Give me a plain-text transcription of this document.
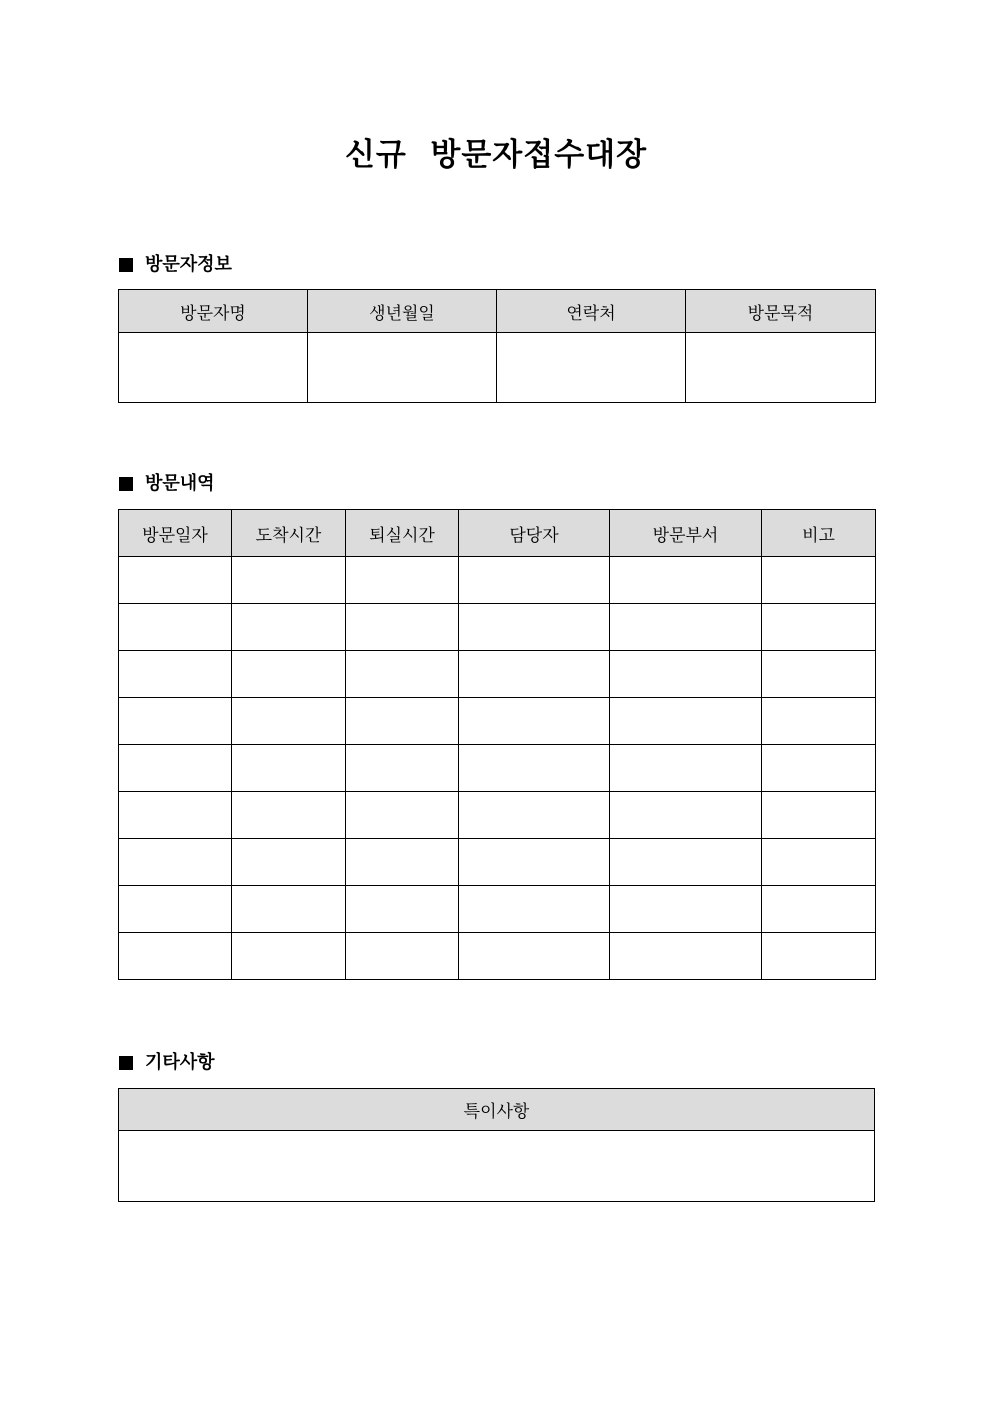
신규  방문자접수대장
방문자정보
방문자명	생년월일	연락처	방문목적

방문내역
방문일자	도착시간	퇴실시간	담당자	방문부서	비고

기타사항
특이사항
